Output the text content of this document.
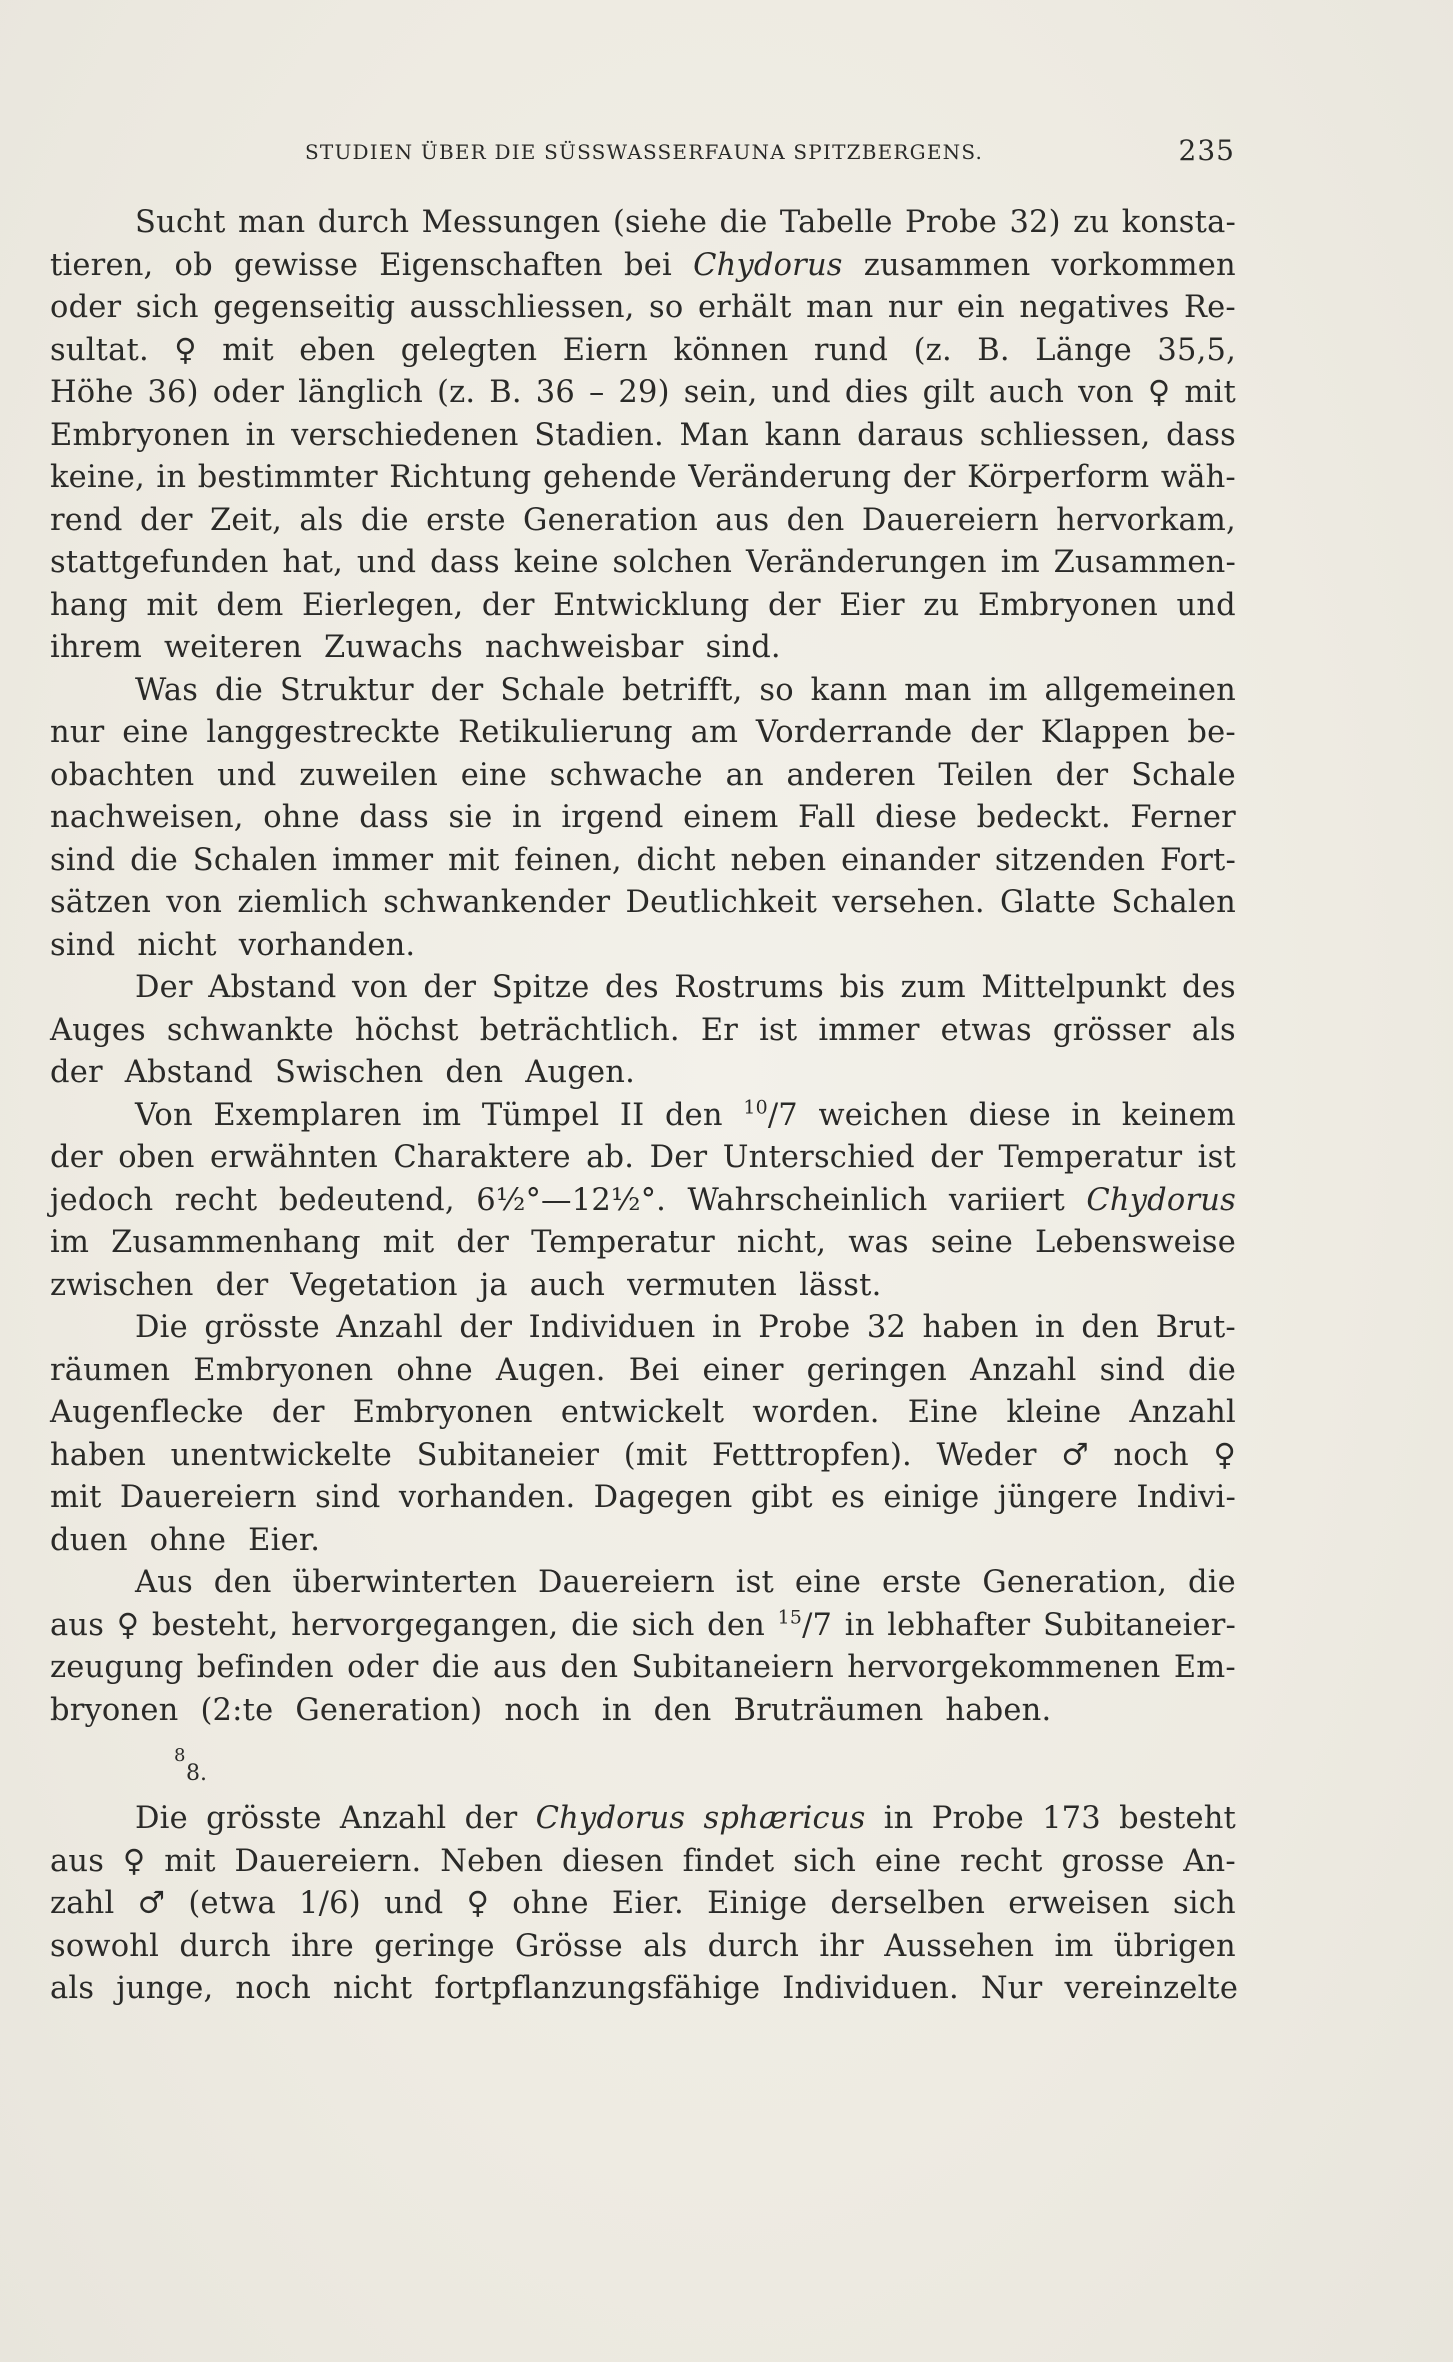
STUDIEN ÜBER DIE SÜSSWASSERFAUNA SPITZBERGENS.	235
Sucht man durch Messungen (siehe die Tabelle Probe 32) zu konsta-
tieren, ob gewisse Eigenschaften bei Chydorus zusammen vorkommen
oder sich gegenseitig ausschliessen, so erhält man nur ein negatives Re-
sultat. ♀ mit eben gelegten Eiern können rund (z. B. Länge 35,5,
Höhe 36) oder länglich (z. B. 36 – 29) sein, und dies gilt auch von ♀ mit
Embryonen in verschiedenen Stadien. Man kann daraus schliessen, dass
keine, in bestimmter Richtung gehende Veränderung der Körperform wäh-
rend der Zeit, als die erste Generation aus den Dauereiern hervorkam,
stattgefunden hat, und dass keine solchen Veränderungen im Zusammen-
hang mit dem Eierlegen, der Entwicklung der Eier zu Embryonen und
ihrem weiteren Zuwachs nachweisbar sind.
Was die Struktur der Schale betrifft, so kann man im allgemeinen
nur eine langgestreckte Retikulierung am Vorderrande der Klappen be-
obachten und zuweilen eine schwache an anderen Teilen der Schale
nachweisen, ohne dass sie in irgend einem Fall diese bedeckt. Ferner
sind die Schalen immer mit feinen, dicht neben einander sitzenden Fort-
sätzen von ziemlich schwankender Deutlichkeit versehen. Glatte Schalen
sind nicht vorhanden.
Der Abstand von der Spitze des Rostrums bis zum Mittelpunkt des
Auges schwankte höchst beträchtlich. Er ist immer etwas grösser als
der Abstand Swischen den Augen.
Von Exemplaren im Tümpel II den $^{10}$/7 weichen diese in keinem
der oben erwähnten Charaktere ab. Der Unterschied der Temperatur ist
jedoch recht bedeutend, 6½°—12½°. Wahrscheinlich variiert Chydorus
im Zusammenhang mit der Temperatur nicht, was seine Lebensweise
zwischen der Vegetation ja auch vermuten lässt.
Die grösste Anzahl der Individuen in Probe 32 haben in den Brut-
räumen Embryonen ohne Augen. Bei einer geringen Anzahl sind die
Augenflecke der Embryonen entwickelt worden. Eine kleine Anzahl
haben unentwickelte Subitaneier (mit Fetttropfen). Weder ♂ noch ♀
mit Dauereiern sind vorhanden. Dagegen gibt es einige jüngere Indivi-
duen ohne Eier.
Aus den überwinterten Dauereiern ist eine erste Generation, die
aus ♀ besteht, hervorgegangen, die sich den $^{15}$/7 in lebhafter Subitaneier-
zeugung befinden oder die aus den Subitaneiern hervorgekommenen Em-
bryonen (2:te Generation) noch in den Bruträumen haben.
8
8.
Die grösste Anzahl der Chydorus sphæricus in Probe 173 besteht
aus ♀ mit Dauereiern. Neben diesen findet sich eine recht grosse An-
zahl ♂ (etwa 1/6) und ♀ ohne Eier. Einige derselben erweisen sich
sowohl durch ihre geringe Grösse als durch ihr Aussehen im übrigen
als junge, noch nicht fortpflanzungsfähige Individuen. Nur vereinzelte
